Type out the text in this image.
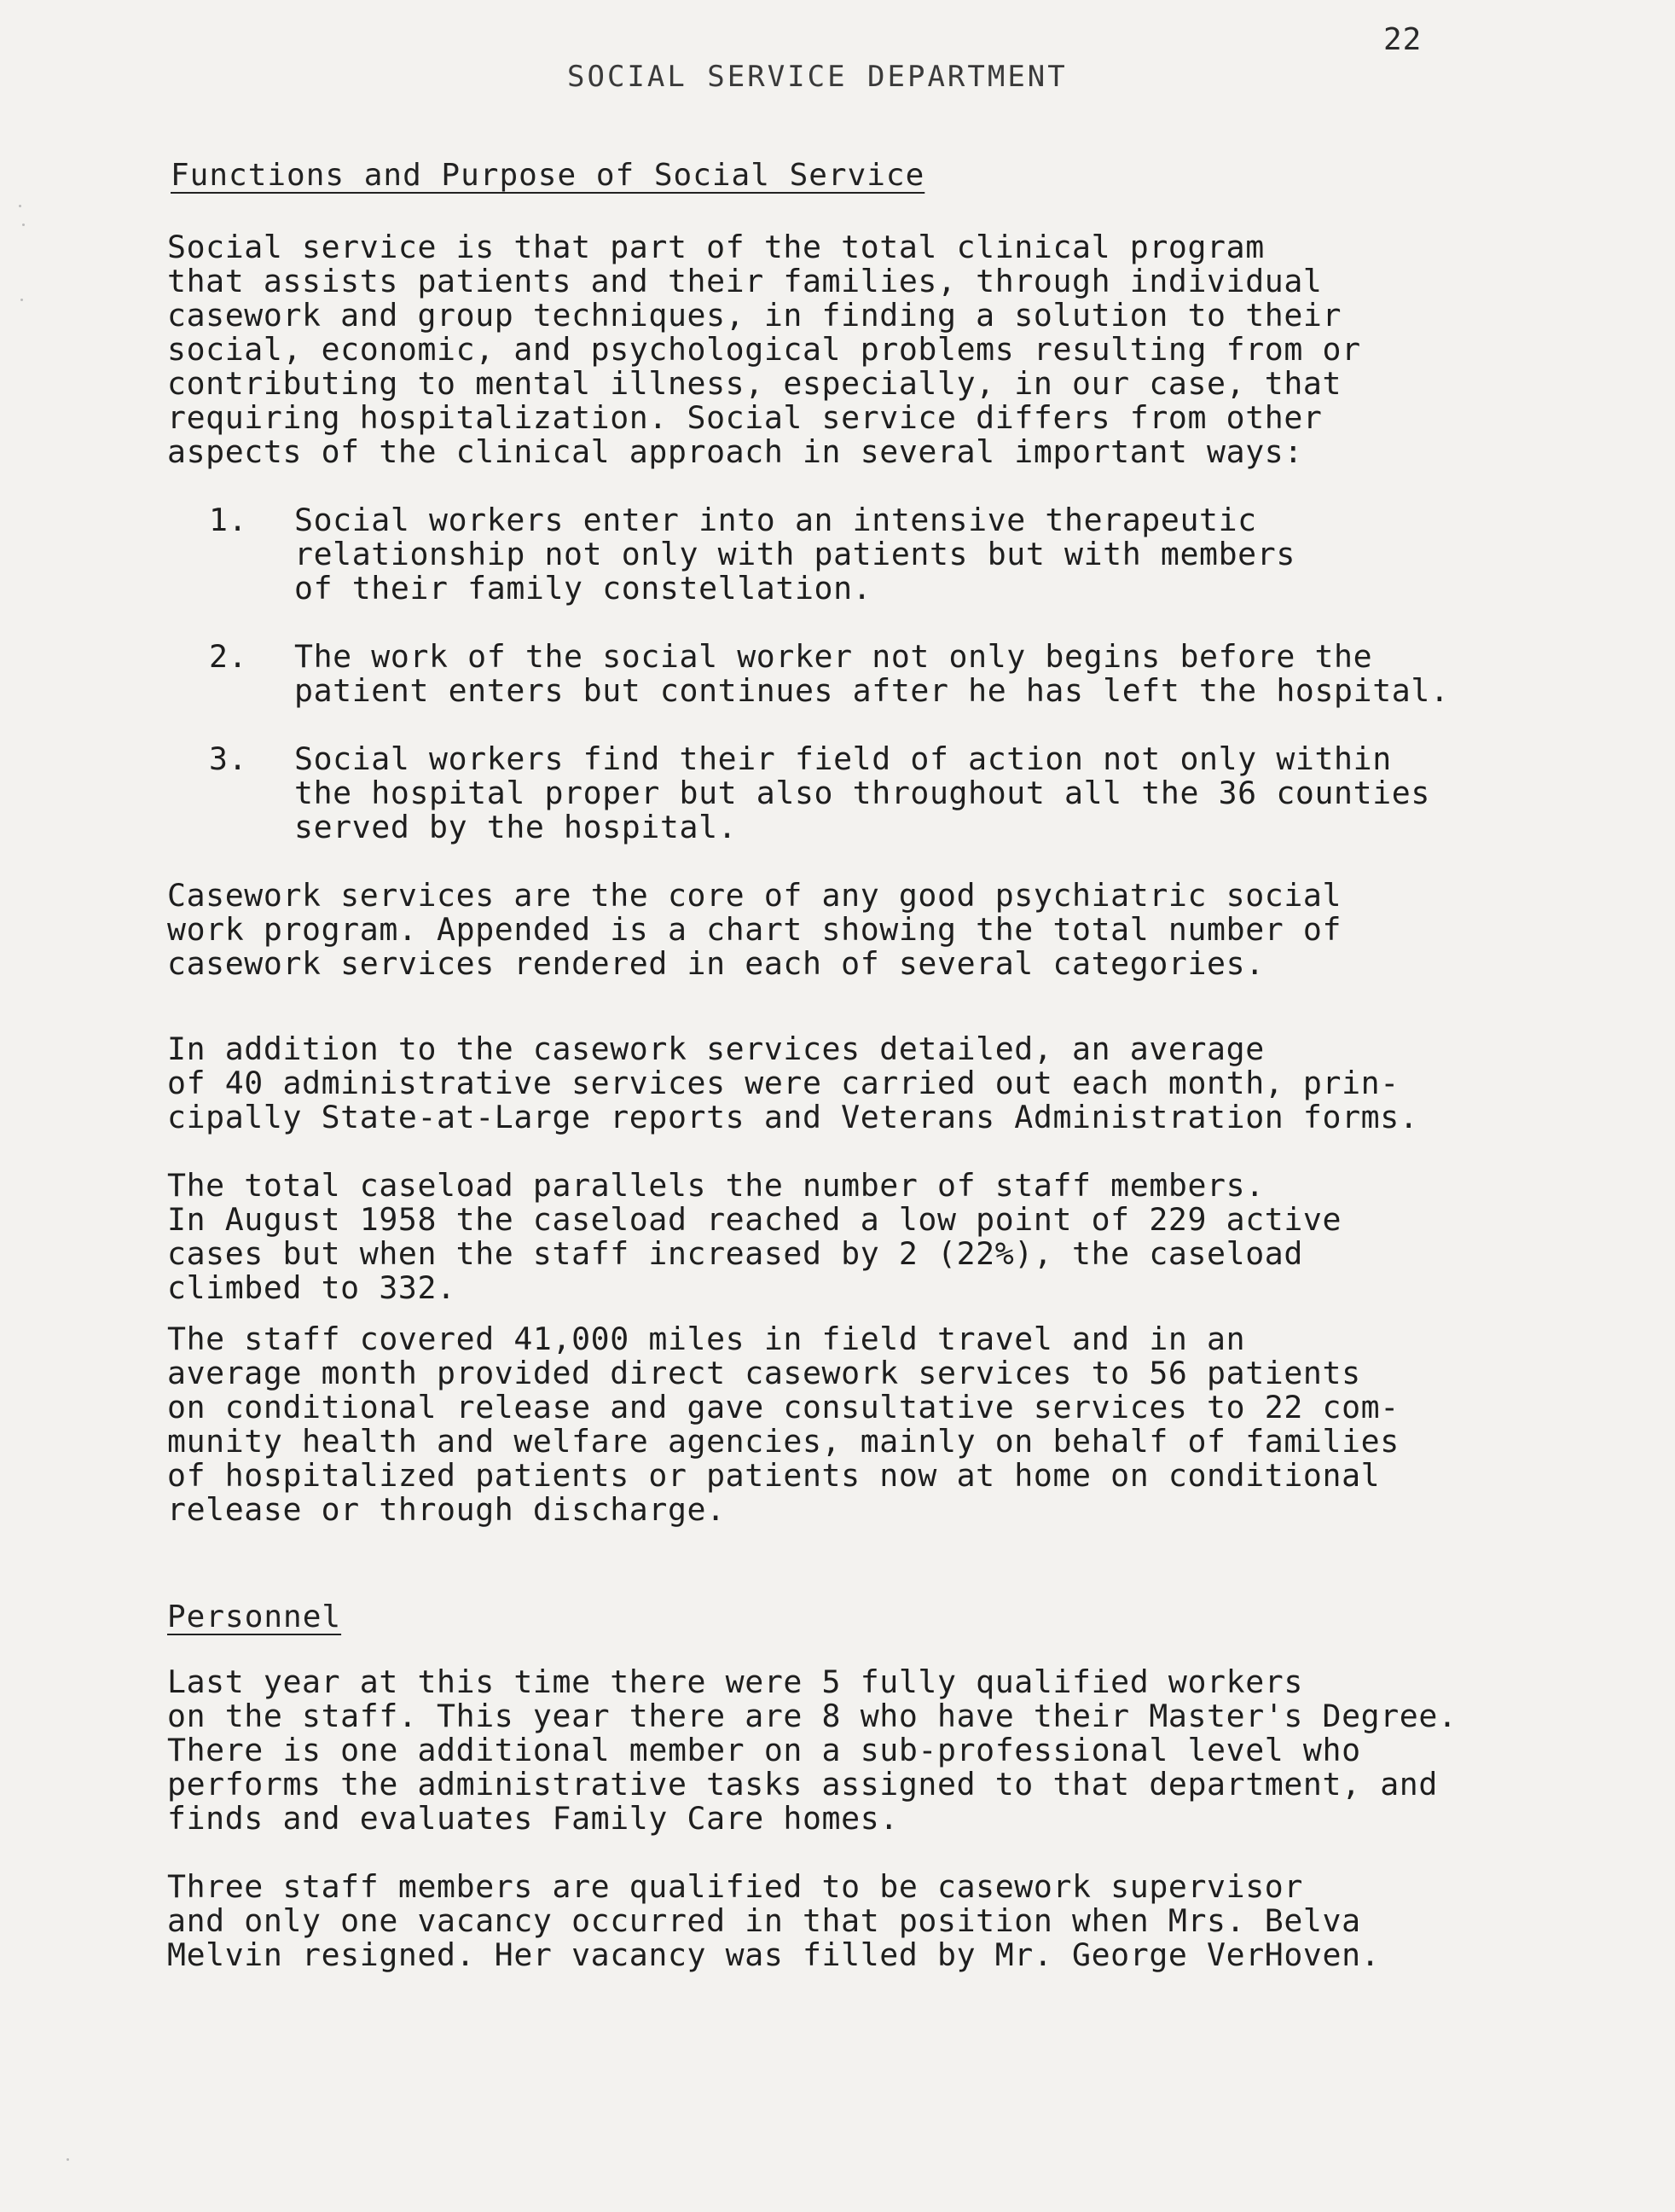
22
SOCIAL SERVICE DEPARTMENT
Functions and Purpose of Social Service
Social service is that part of the total clinical program
that assists patients and their families, through individual
casework and group techniques, in finding a solution to their
social, economic, and psychological problems resulting from or
contributing to mental illness, especially, in our case, that
requiring hospitalization. Social service differs from other
aspects of the clinical approach in several important ways:
1. Social workers enter into an intensive therapeutic
relationship not only with patients but with members
of their family constellation.
2. The work of the social worker not only begins before the
patient enters but continues after he has left the hospital.
3. Social workers find their field of action not only within
the hospital proper but also throughout all the 36 counties
served by the hospital.
Casework services are the core of any good psychiatric social
work program. Appended is a chart showing the total number of
casework services rendered in each of several categories.
In addition to the casework services detailed, an average
of 40 administrative services were carried out each month, prin-
cipally State-at-Large reports and Veterans Administration forms.
The total caseload parallels the number of staff members.
In August 1958 the caseload reached a low point of 229 active
cases but when the staff increased by 2 (22%), the caseload
climbed to 332.
The staff covered 41,000 miles in field travel and in an
average month provided direct casework services to 56 patients
on conditional release and gave consultative services to 22 com-
munity health and welfare agencies, mainly on behalf of families
of hospitalized patients or patients now at home on conditional
release or through discharge.
Personnel
Last year at this time there were 5 fully qualified workers
on the staff. This year there are 8 who have their Master's Degree.
There is one additional member on a sub-professional level who
performs the administrative tasks assigned to that department, and
finds and evaluates Family Care homes.
Three staff members are qualified to be casework supervisor
and only one vacancy occurred in that position when Mrs. Belva
Melvin resigned. Her vacancy was filled by Mr. George VerHoven.
